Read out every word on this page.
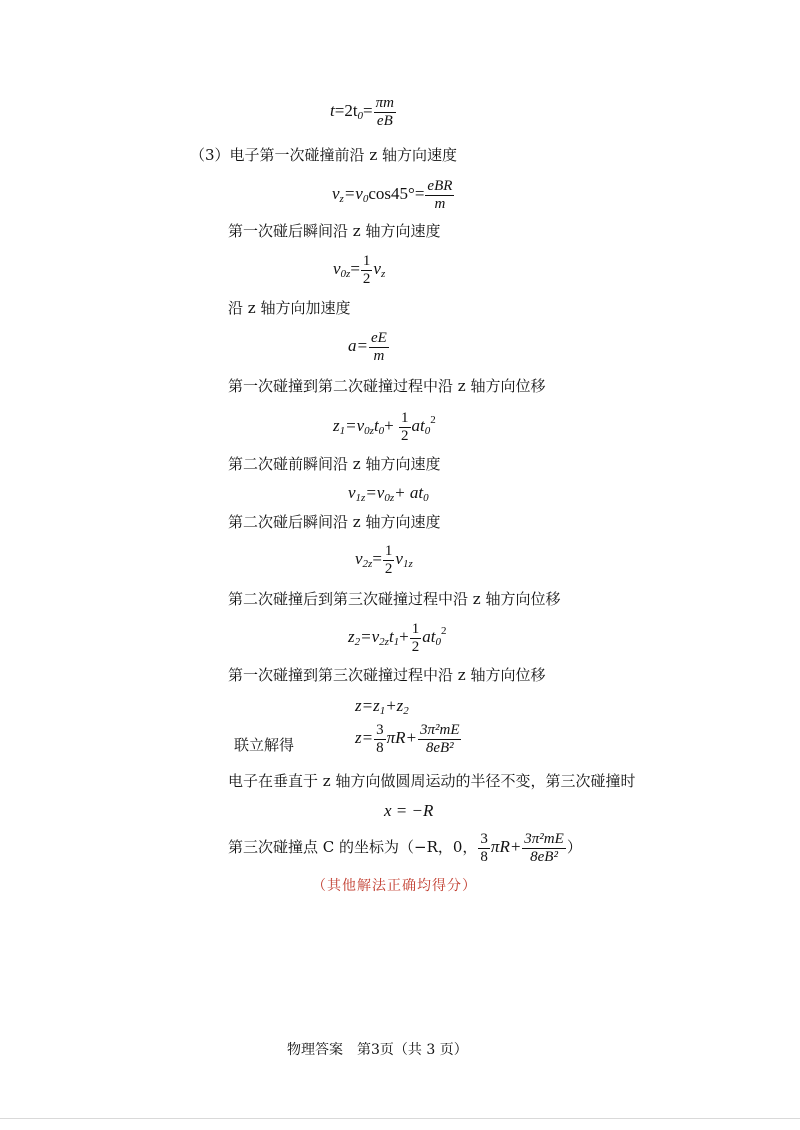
$t=2t_0= \frac{\pi m}{eB}$
（3）电子第一次碰撞前沿 z 轴方向速度
$v_z=v_0\cos 45^\circ= \frac{\text{eBR}}{m}$
第一次碰后瞬间沿 z 轴方向速度
$v_{0z}= \frac{1}{2} v_z$
沿 z 轴方向加速度
$a= \frac{eE}{m}$
第一次碰撞到第二次碰撞过程中沿 z 轴方向位移
$z_1=v_{0z}t_0+ \frac{1}{2} at_0^2$
第二次碰前瞬间沿 z 轴方向速度
$v_{1z}=v_{0z}+ at_0$
第二次碰后瞬间沿 z 轴方向速度
$v_{2z}= \frac{1}{2} v_{1z}$
第二次碰撞后到第三次碰撞过程中沿 z 轴方向位移
$z_2=v_{2z}t_1+ \frac{1}{2} at_0^2$
第一次碰撞到第三次碰撞过程中沿 z 轴方向位移
$z=z_1+z_2$
联立解得	$z= \frac{3}{8} \pi R+ \frac{\text{3π²mE}}{\text{8eB²}}$
电子在垂直于 z 轴方向做圆周运动的半径不变，第三次碰撞时
x = −R
第三次碰撞点 C 的坐标为（−R，0， $\frac{3}{8} \pi R+ \frac{\text{3π²mE}}{\text{8eB²}}$ ）
（其他解法正确均得分）
物理答案　第3页（共 3 页）
